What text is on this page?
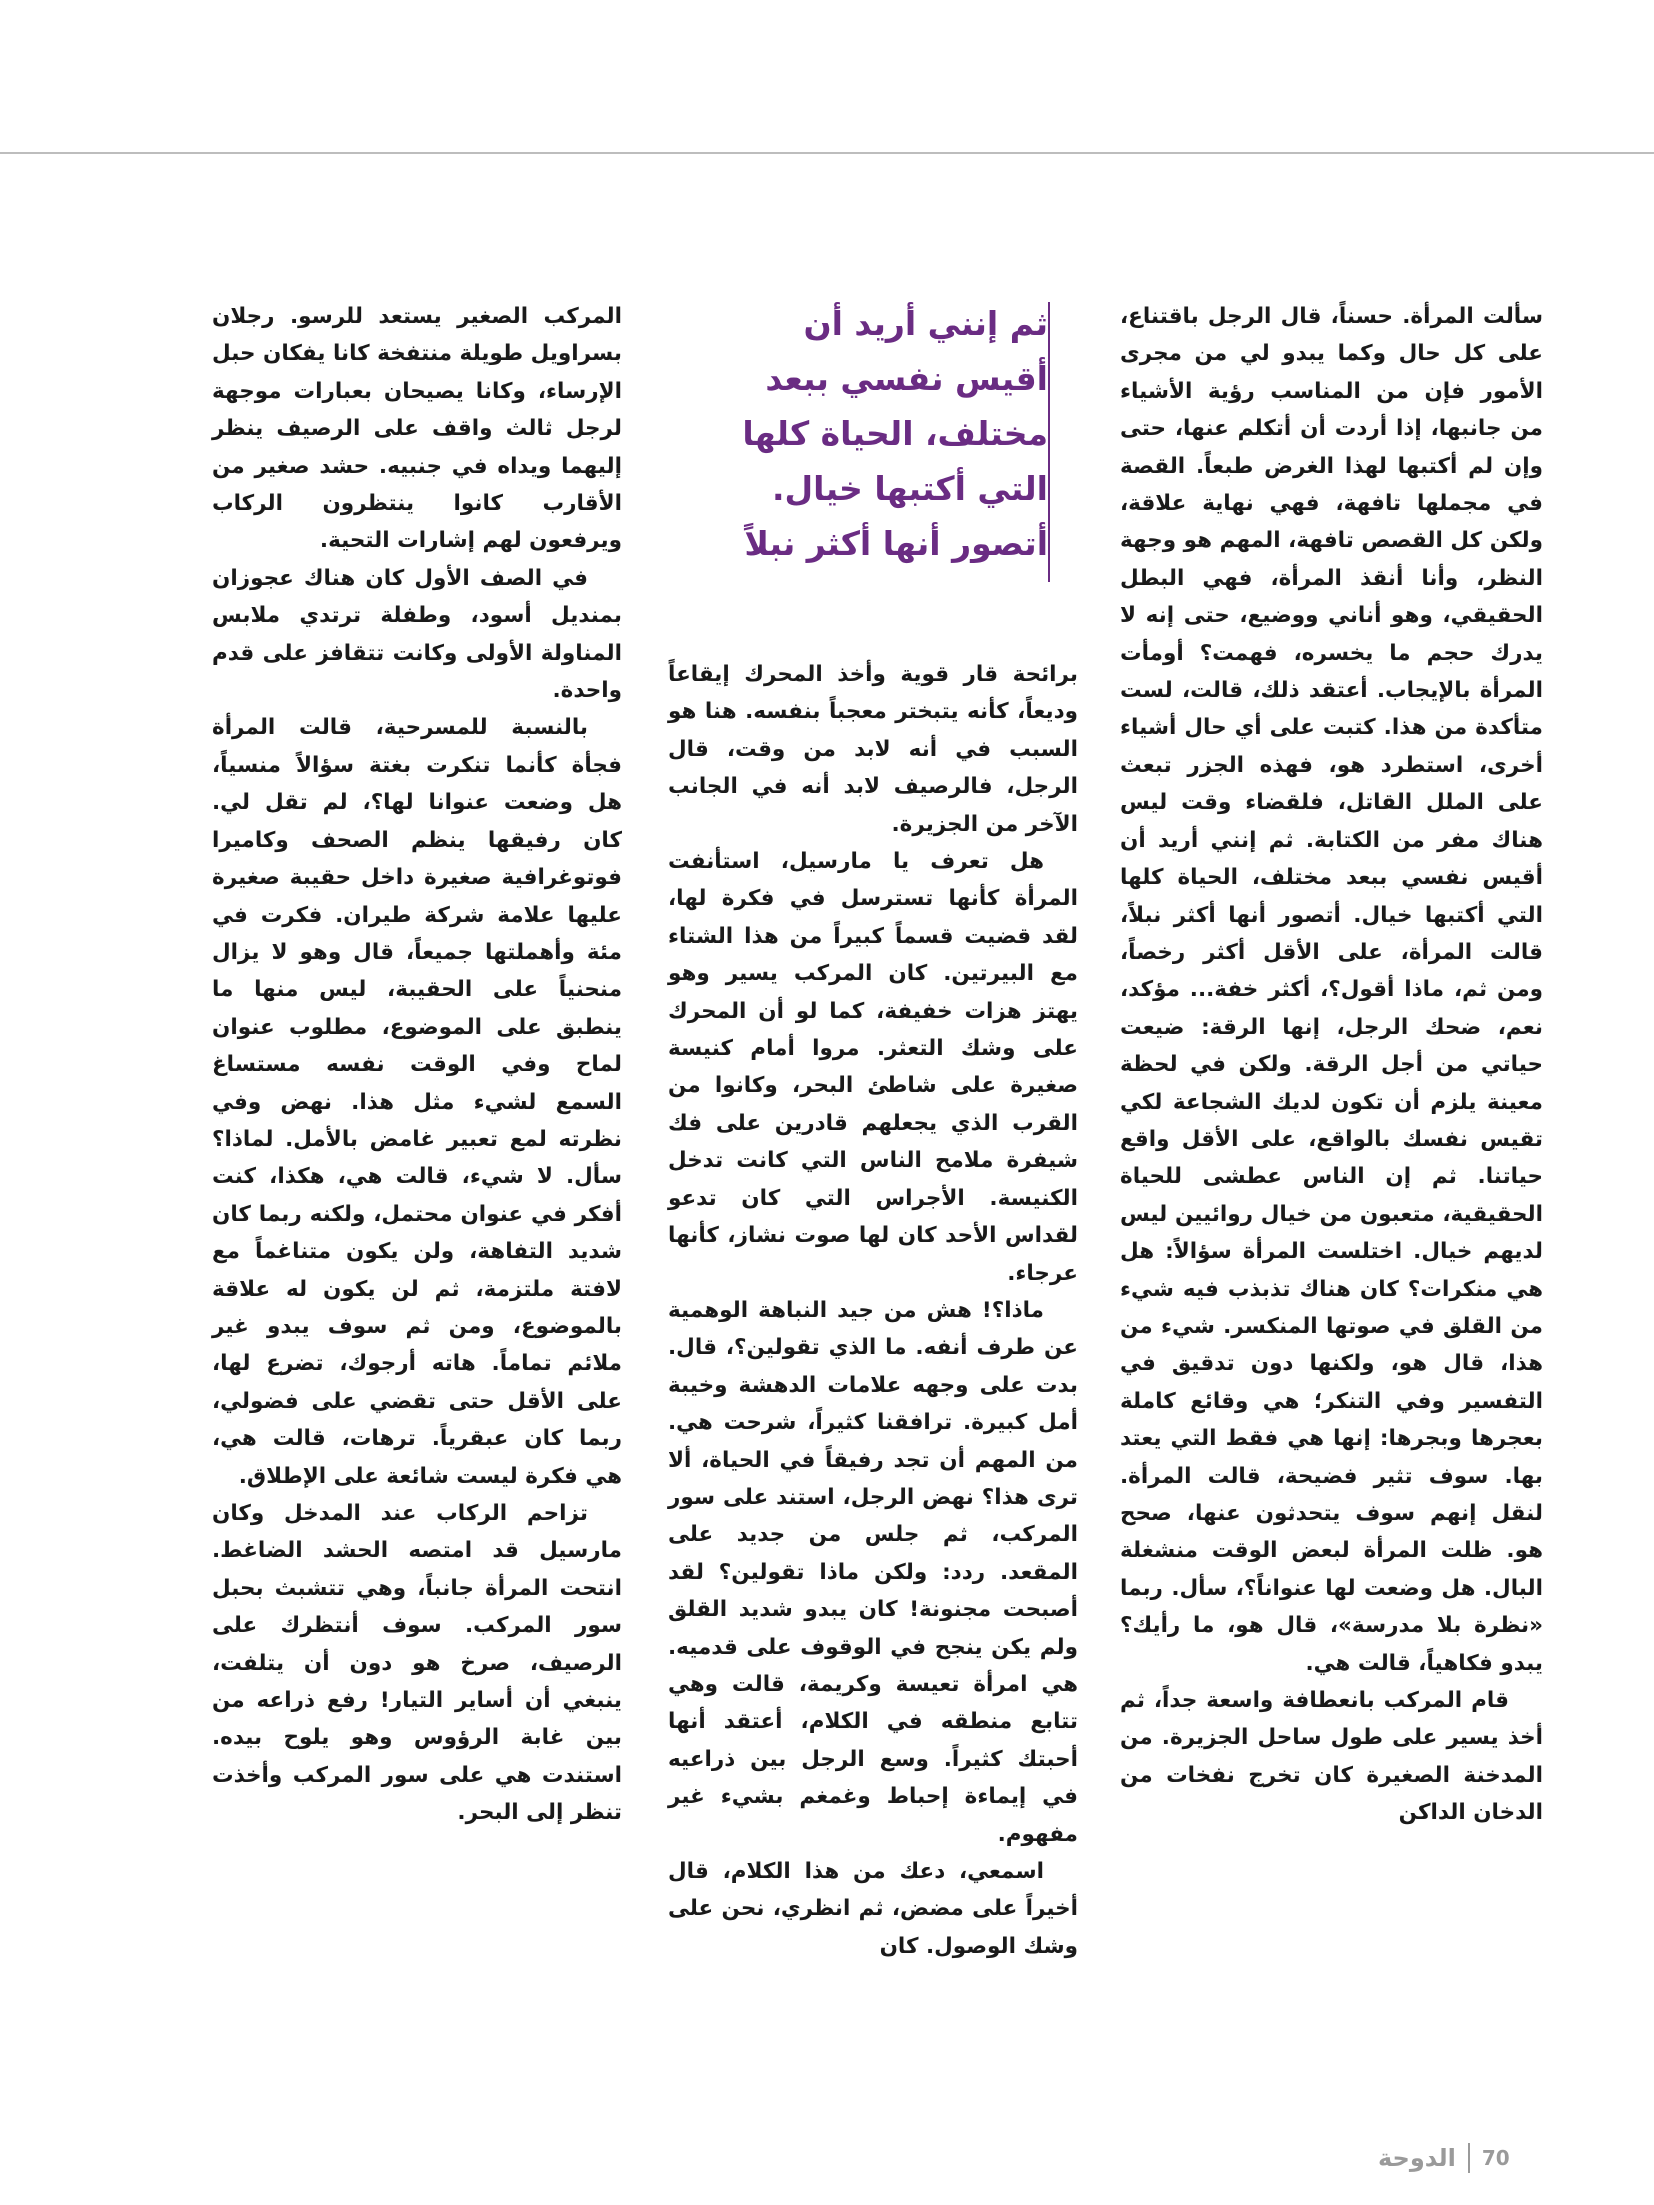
ثم إنني أريد أن
أقيس نفسي ببعد
مختلف، الحياة كلها
التي أكتبها خيال.
أتصور أنها أكثر نبلاً

سألت المرأة. حسناً، قال الرجل باقتناع، على كل حال وكما يبدو لي من مجرى الأمور فإن من المناسب رؤية الأشياء من جانبها، إذا أردت أن أتكلم عنها، حتى وإن لم أكتبها لهذا الغرض طبعاً. القصة في مجملها تافهة، فهي نهاية علاقة، ولكن كل القصص تافهة، المهم هو وجهة النظر، وأنا أنقذ المرأة، فهي البطل الحقيقي، وهو أناني ووضيع، حتى إنه لا يدرك حجم ما يخسره، فهمت؟ أومأت المرأة بالإيجاب. أعتقد ذلك، قالت، لست متأكدة من هذا. كتبت على أي حال أشياء أخرى، استطرد هو، فهذه الجزر تبعث على الملل القاتل، فلقضاء وقت ليس هناك مفر من الكتابة. ثم إنني أريد أن أقيس نفسي ببعد مختلف، الحياة كلها التي أكتبها خيال. أتصور أنها أكثر نبلاً، قالت المرأة، على الأقل أكثر رخصاً، ومن ثم، ماذا أقول؟، أكثر خفة... مؤكد، نعم، ضحك الرجل، إنها الرقة: ضيعت حياتي من أجل الرقة. ولكن في لحظة معينة يلزم أن تكون لديك الشجاعة لكي تقيس نفسك بالواقع، على الأقل واقع حياتنا. ثم إن الناس عطشى للحياة الحقيقية، متعبون من خيال روائيين ليس لديهم خيال. اختلست المرأة سؤالاً: هل هي منكرات؟ كان هناك تذبذب فيه شيء من القلق في صوتها المنكسر. شيء من هذا، قال هو، ولكنها دون تدقيق في التفسير وفي التنكر؛ هي وقائع كاملة بعجرها وبجرها: إنها هي فقط التي يعتد بها. سوف تثير فضيحة، قالت المرأة. لنقل إنهم سوف يتحدثون عنها، صحح هو. ظلت المرأة لبعض الوقت منشغلة البال. هل وضعت لها عنواناً؟، سأل. ربما «نظرة بلا مدرسة»، قال هو، ما رأيك؟ يبدو فكاهياً، قالت هي.

قام المركب بانعطافة واسعة جداً، ثم أخذ يسير على طول ساحل الجزيرة. من المدخنة الصغيرة كان تخرج نفخات من الدخان الداكن

برائحة قار قوية وأخذ المحرك إيقاعاً وديعاً، كأنه يتبختر معجباً بنفسه. هنا هو السبب في أنه لابد من وقت، قال الرجل، فالرصيف لابد أنه في الجانب الآخر من الجزيرة.

هل تعرف يا مارسيل، استأنفت المرأة كأنها تسترسل في فكرة لها، لقد قضيت قسماً كبيراً من هذا الشتاء مع البيرتين. كان المركب يسير وهو يهتز هزات خفيفة، كما لو أن المحرك على وشك التعثر. مروا أمام كنيسة صغيرة على شاطئ البحر، وكانوا من القرب الذي يجعلهم قادرين على فك شيفرة ملامح الناس التي كانت تدخل الكنيسة. الأجراس التي كان تدعو لقداس الأحد كان لها صوت نشاز، كأنها عرجاء.

ماذا؟! هش من جيد النباهة الوهمية عن طرف أنفه. ما الذي تقولين؟، قال. بدت على وجهه علامات الدهشة وخيبة أمل كبيرة. ترافقنا كثيراً، شرحت هي. من المهم أن تجد رفيقاً في الحياة، ألا ترى هذا؟ نهض الرجل، استند على سور المركب، ثم جلس من جديد على المقعد. ردد: ولكن ماذا تقولين؟ لقد أصبحت مجنونة! كان يبدو شديد القلق ولم يكن ينجح في الوقوف على قدميه. هي امرأة تعيسة وكريمة، قالت وهي تتابع منطقه في الكلام، أعتقد أنها أحبتك كثيراً. وسع الرجل بين ذراعيه في إيماءة إحباط وغمغم بشيء غير مفهوم.

اسمعي، دعك من هذا الكلام، قال أخيراً على مضض، ثم انظري، نحن على وشك الوصول. كان

المركب الصغير يستعد للرسو. رجلان بسراويل طويلة منتفخة كانا يفكان حبل الإرساء، وكانا يصيحان بعبارات موجهة لرجل ثالث واقف على الرصيف ينظر إليهما ويداه في جنبيه. حشد صغير من الأقارب كانوا ينتظرون الركاب ويرفعون لهم إشارات التحية.

في الصف الأول كان هناك عجوزان بمنديل أسود، وطفلة ترتدي ملابس المناولة الأولى وكانت تتقافز على قدم واحدة.

بالنسبة للمسرحية، قالت المرأة فجأة كأنما تنكرت بغتة سؤالاً منسياً، هل وضعت عنوانا لها؟، لم تقل لي. كان رفيقها ينظم الصحف وكاميرا فوتوغرافية صغيرة داخل حقيبة صغيرة عليها علامة شركة طيران. فكرت في مئة وأهملتها جميعاً، قال وهو لا يزال منحنياً على الحقيبة، ليس منها ما ينطبق على الموضوع، مطلوب عنوان لماح وفي الوقت نفسه مستساغ السمع لشيء مثل هذا. نهض وفي نظرته لمع تعبير غامض بالأمل. لماذا؟ سأل. لا شيء، قالت هي، هكذا، كنت أفكر في عنوان محتمل، ولكنه ربما كان شديد التفاهة، ولن يكون متناغماً مع لافتة ملتزمة، ثم لن يكون له علاقة بالموضوع، ومن ثم سوف يبدو غير ملائم تماماً. هاته أرجوك، تضرع لها، على الأقل حتى تقضي على فضولي، ربما كان عبقرياً. ترهات، قالت هي، هي فكرة ليست شائعة على الإطلاق.

تزاحم الركاب عند المدخل وكان مارسيل قد امتصه الحشد الضاغط. انتحت المرأة جانباً، وهي تتشبث بحبل سور المركب. سوف أنتظرك على الرصيف، صرخ هو دون أن يتلفت، ينبغي أن أساير التيار! رفع ذراعه من بين غابة الرؤوس وهو يلوح بيده. استندت هي على سور المركب وأخذت تنظر إلى البحر.

الدوحة 70
